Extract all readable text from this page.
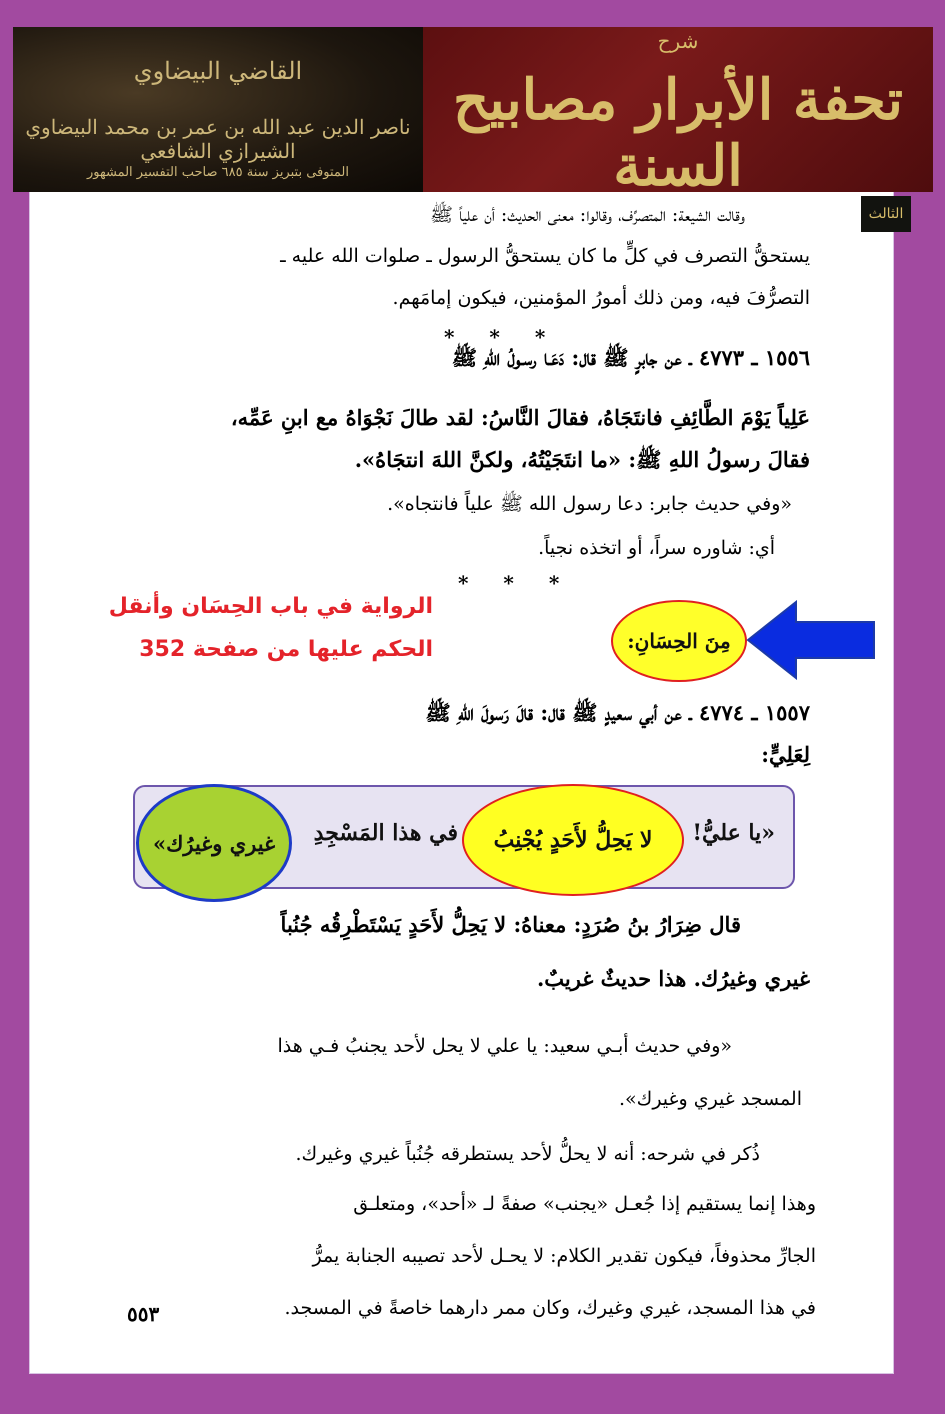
القاضي البيضاوي
ناصر الدين عبد الله بن عمر بن محمد البيضاوي الشيرازي الشافعي
المتوفى بتبريز سنة ٦٨٥ صاحب التفسير المشهور
شرح
تحفة الأبرار مصابيح السنة
الثالث
وقالت الشيعة: المتصرِّف، وقالوا: معنى الحديث: أن علياً ﷺ
يستحقُّ التصرف في كلٍّ ما كان يستحقُّ الرسول ـ صلوات الله عليه ـ
التصرُّفَ فيه، ومن ذلك أمورُ المؤمنين، فيكون إمامَهم.
* * *
١٥٥٦ ـ ٤٧٧٣ ـ عن جابرٍ ﷺ قال: دَعَـا رسـولُ اللهِ ﷺ
عَلِياً يَوْمَ الطَّائِفِ فانتَجَاهُ، فقالَ النَّاسُ: لقد طالَ نَجْوَاهُ مع ابنِ عَمِّه،
فقالَ رسولُ اللهِ ﷺ: «ما انتَجَيْتُهُ، ولكنَّ اللهَ انتجَاهُ».
«وفي حديث جابر: دعا رسول الله ﷺ علياً فانتجاه».
أي: شاوره سراً، أو اتخذه نجياً.
* * *
الرواية في باب الحِسَان وأنقل
الحكم عليها من صفحة 352	مِنَ الحِسَانِ:
١٥٥٧ ـ ٤٧٧٤ ـ عن أبي سعيدٍ ﷺ قال: قالَ رَسولَ اللهِ ﷺ
لِعَلِيٍّ:
لا يَحِلُّ لأَحَدٍ يُجْنِبُ
غيري وغيرُك»	«يا عليُّ!
في هذا المَسْجِدِ
قال ضِرَارُ بنُ صُرَدٍ: معناهُ: لا يَحِلُّ لأَحَدٍ يَسْتَطْرِقُه جُنُباً
غيري وغيرُك. هذا حديثٌ غريبٌ.
«وفي حديث أبـي سعيد: يا علي لا يحل لأحد يجنبُ فـي هذا
المسجد غيري وغيرك».
ذُكر في شرحه: أنه لا يحلُّ لأحد يستطرقه جُنُباً غيري وغيرك.
وهذا إنما يستقيم إذا جُعـل «يجنب» صفةً لـ «أحد»، ومتعلـق
الجارِّ محذوفاً، فيكون تقدير الكلام: لا يحـل لأحد تصيبه الجنابة يمرُّ
في هذا المسجد، غيري وغيرك، وكان ممر دارهما خاصةً في المسجد.
٥٥٣
